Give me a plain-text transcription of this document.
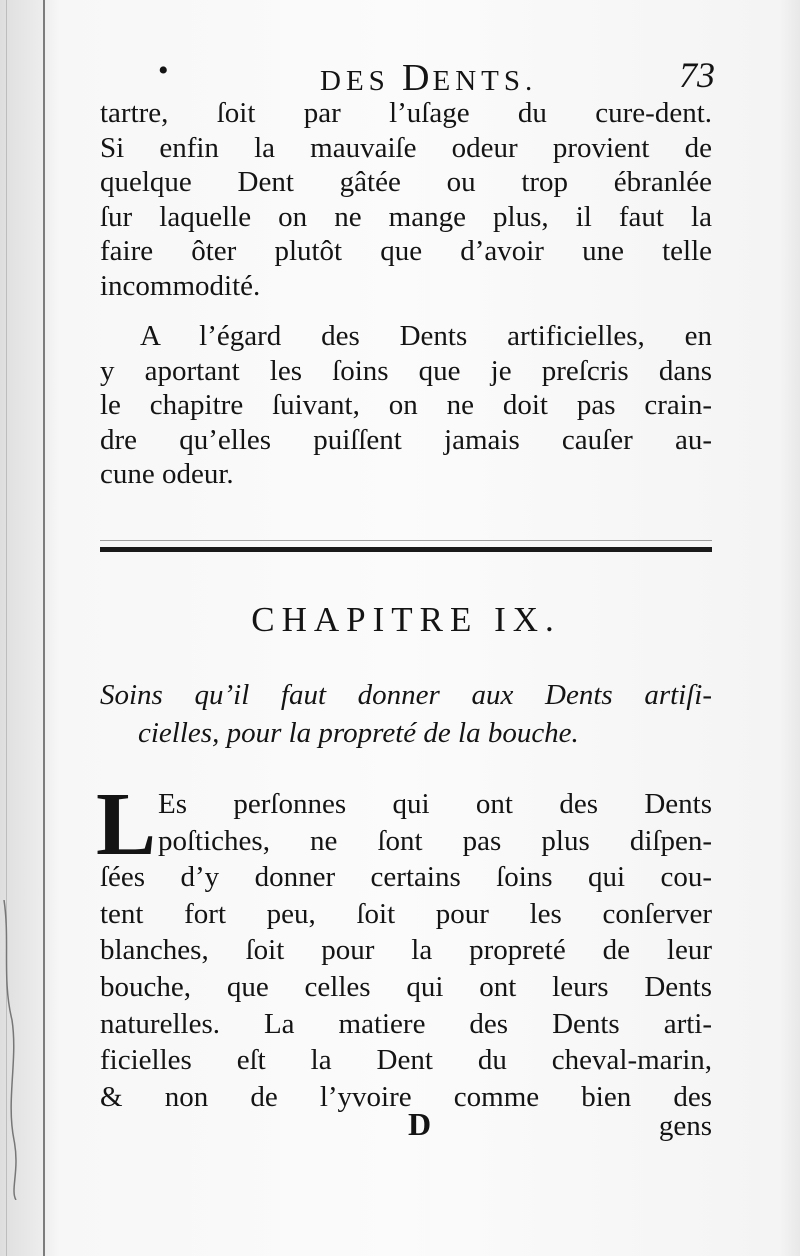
•	DES DENTS.	73
tartre, ſoit par l’uſage du cure-dent.
Si enfin la mauvaiſe odeur provient de
quelque Dent gâtée ou trop ébranlée
ſur laquelle on ne mange plus, il faut la
faire ôter plutôt que d’avoir une telle
incommodité.
A l’égard des Dents artificielles, en
y aportant les ſoins que je preſcris dans
le chapitre ſuivant, on ne doit pas crain-
dre qu’elles puiſſent jamais cauſer au-
cune odeur.
CHAPITRE IX.
Soins qu’il faut donner aux Dents artiſi-
cielles, pour la propreté de la bouche.
L Es perſonnes qui ont des Dents
poſtiches, ne ſont pas plus diſpen-
ſées d’y donner certains ſoins qui cou-
tent fort peu, ſoit pour les conſerver
blanches, ſoit pour la propreté de leur
bouche, que celles qui ont leurs Dents
naturelles. La matiere des Dents arti-
ficielles eſt la Dent du cheval-marin,
& non de l’yvoire comme bien des
D	gens
